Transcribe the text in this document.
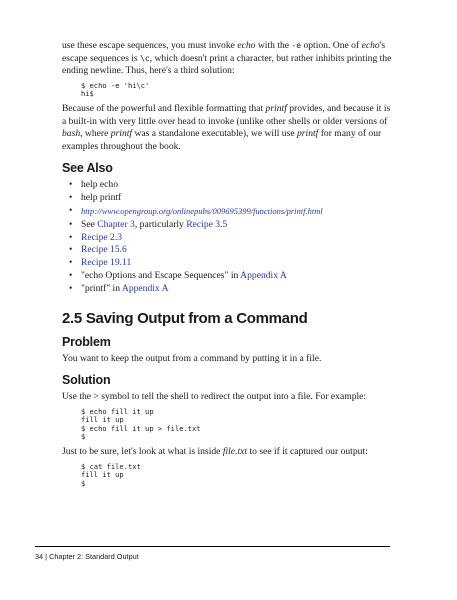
use these escape sequences, you must invoke echo with the -e option. One of echo's escape sequences is \c, which doesn't print a character, but rather inhibits printing the ending newline. Thus, here's a third solution:

$ echo -e 'hi\c'
hi$

Because of the powerful and flexible formatting that printf provides, and because it is a built-in with very little over head to invoke (unlike other shells or older versions of bash, where printf was a standalone executable), we will use printf for many of our examples throughout the book.

See Also
• help echo
• help printf
• http://www.opengroup.org/onlinepubs/009695399/functions/printf.html
• See Chapter 3, particularly Recipe 3.5
• Recipe 2.3
• Recipe 15.6
• Recipe 19.11
• "echo Options and Escape Sequences" in Appendix A
• "printf" in Appendix A
2.5 Saving Output from a Command
Problem

You want to keep the output from a command by putting it in a file.

Solution

Use the > symbol to tell the shell to redirect the output into a file. For example:

$ echo fill it up
fill it up
$ echo fill it up > file.txt
$

Just to be sure, let's look at what is inside file.txt to see if it captured our output:

$ cat file.txt
fill it up
$
34 | Chapter 2: Standard Output
